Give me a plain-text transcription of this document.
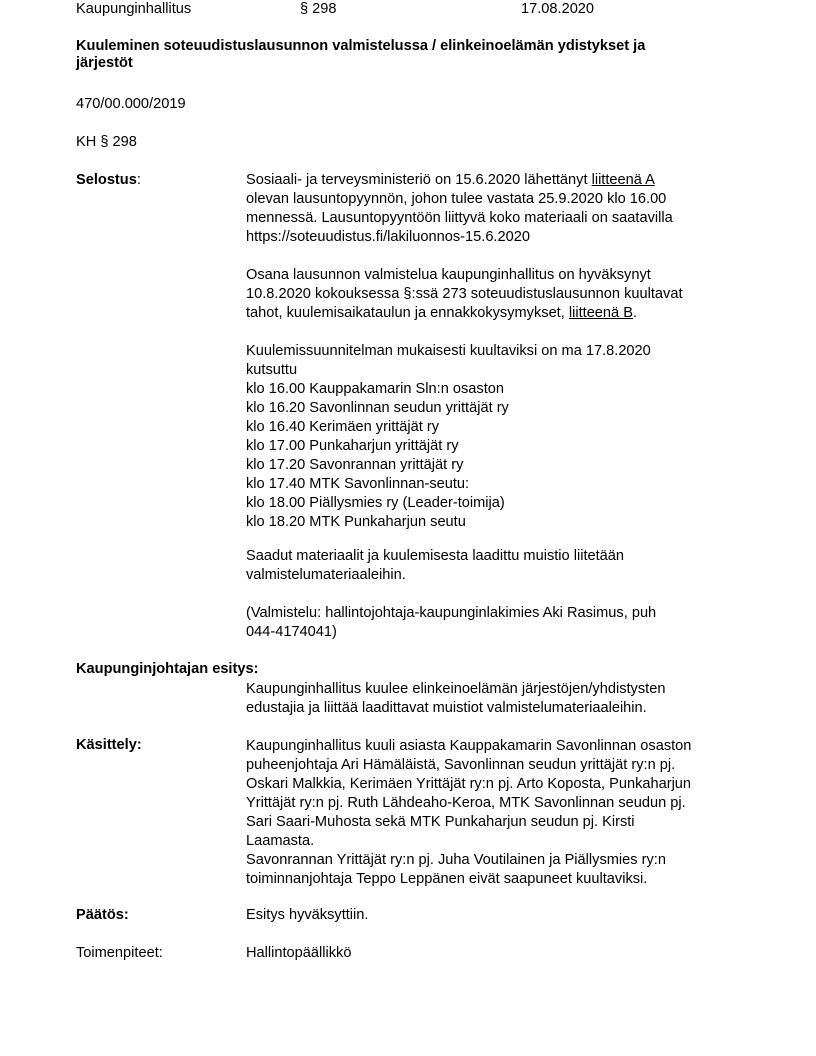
Kaupunginhallitus	§ 298	17.08.2020
Kuuleminen soteuudistuslausunnon valmistelussa / elinkeinoelämän ydistykset ja
järjestöt
470/00.000/2019
KH § 298
Selostus:	Sosiaali- ja terveysministeriö on 15.6.2020 lähettänyt liitteenä A
olevan lausuntopyynnön, johon tulee vastata 25.9.2020 klo 16.00
mennessä. Lausuntopyyntöön liittyvä koko materiaali on saatavilla
https://soteuudistus.fi/lakiluonnos-15.6.2020
Osana lausunnon valmistelua kaupunginhallitus on hyväksynyt
10.8.2020 kokouksessa §:ssä 273 soteuudistuslausunnon kuultavat
tahot, kuulemisaikataulun ja ennakkokysymykset, liitteenä B.
Kuulemissuunnitelman mukaisesti kuultaviksi on ma 17.8.2020
kutsuttu
klo 16.00 Kauppakamarin Sln:n osaston
klo 16.20 Savonlinnan seudun yrittäjät ry
klo 16.40 Kerimäen yrittäjät ry
klo 17.00 Punkaharjun yrittäjät ry
klo 17.20 Savonrannan yrittäjät ry
klo 17.40 MTK Savonlinnan-seutu:
klo 18.00 Piällysmies ry (Leader-toimija)
klo 18.20 MTK Punkaharjun seutu
Saadut materiaalit ja kuulemisesta laadittu muistio liitetään
valmistelumateriaaleihin.
(Valmistelu: hallintojohtaja-kaupunginlakimies Aki Rasimus, puh
044-4174041)
Kaupunginjohtajan esitys:
Kaupunginhallitus kuulee elinkeinoelämän järjestöjen/yhdistysten
edustajia ja liittää laadittavat muistiot valmistelumateriaaleihin.
Käsittely:	Kaupunginhallitus kuuli asiasta Kauppakamarin Savonlinnan osaston
puheenjohtaja Ari Hämäläistä, Savonlinnan seudun yrittäjät ry:n pj.
Oskari Malkkia, Kerimäen Yrittäjät ry:n pj. Arto Koposta, Punkaharjun
Yrittäjät ry:n pj. Ruth Lähdeaho-Keroa, MTK Savonlinnan seudun pj.
Sari Saari-Muhosta sekä MTK Punkaharjun seudun pj. Kirsti
Laamasta.
Savonrannan Yrittäjät ry:n pj. Juha Voutilainen ja Piällysmies ry:n
toiminnanjohtaja Teppo Leppänen eivät saapuneet kuultaviksi.
Päätös:	Esitys hyväksyttiin.
Toimenpiteet:	Hallintopäällikkö
